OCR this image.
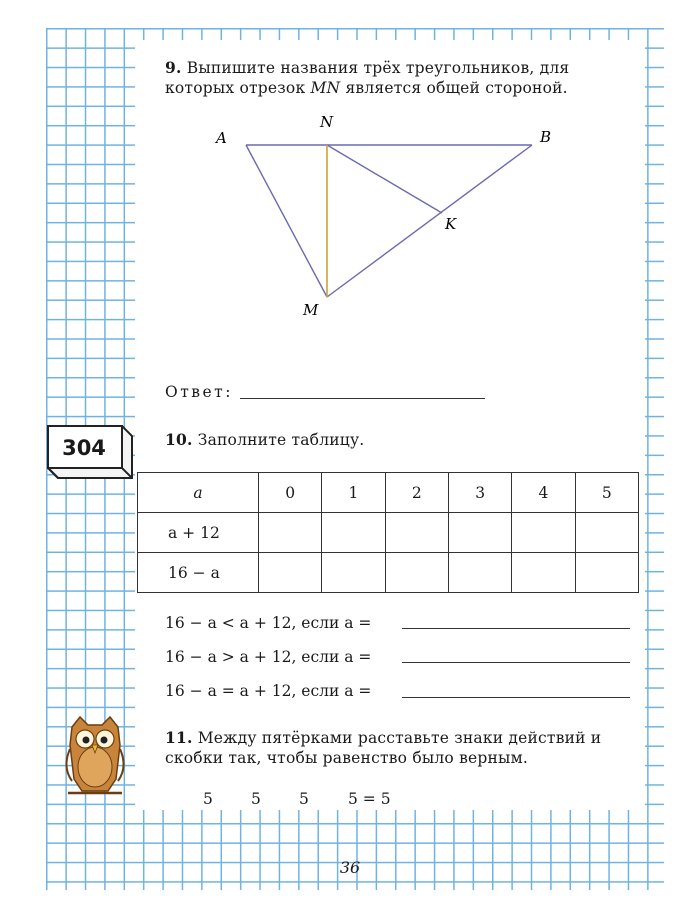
9. Выпишите названия трёх треугольников, для
которых отрезок MN является общей стороной.
A
N
B
K
M
Ответ:
304	10. Заполните таблицу.
a	0	1	2	3	4	5
a + 12						
16 − a						
16 − a < a + 12, если a =
16 − a > a + 12, если a =
16 − a = a + 12, если a =
11. Между пятёрками расставьте знаки действий и
скобки так, чтобы равенство было верным.
5 5 5	5 = 5
36
